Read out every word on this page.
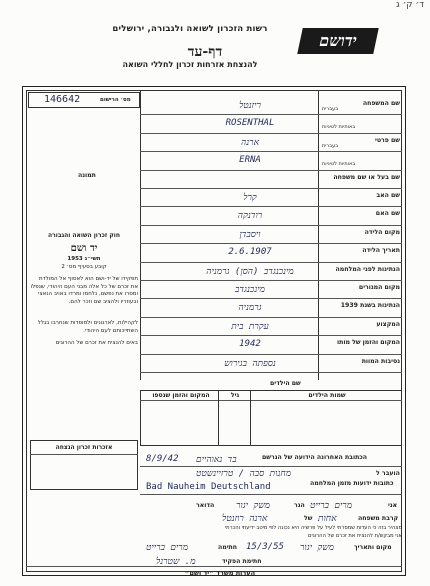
ד׳ ק׳ ג
רשות הזכרון לשואה ולגבורה, ירושלים
ידושם
דף-עד
להנצחת אזרחות זכרון לחללי השואה
146642	מס׳ הרישום
תמונה
שם המשפחה
בעברית
ריזנטל
באותיות לטיניות
ROSENTHAL
שם פרטי
בעברית
ארנה
באותיות לטיניות
ERNA
שם בעל או שם משפחה
שם האב
קרל
שם האם
רודנקה
מקום הלידה
ויסבדן
תאריך הלידה
2.6.1907
הנתינות לפני המלחמה
מינכנגדב (הסן) גרמניה
מקום המגורים
מינכנגדב
הנתינות בשנת 1939
גרמניה
המקצוע
עקרת בית
המקום והזמן של מותו
1942
נסיבות המוות
נספתה בגירוש
חוק זכרון השואה והגבורה
יד ושם
תשי״ג 1953
קובע בסעיף מס׳ 2
תפקידו של יד-ושם הוא לאסוף אל המולדת את זכרם של כל אלה מבני העם היהודי, שנפלו ומסרו את נפשם, נלחמו ומרדו באויב הנאצי ובעוזריו ולהציב שם וזכר להם.
לקהילות, לארגונים ולמוסדות שנחרבו בגלל השתייכותם לעם היהודי.
באים להנציח את זכרם של ההרוגים
שם הילדים
שמות הילדים
גיל
המקום והזמן שנספו
אזכרות זכרון הנצחה
הכתובת האחרונה הידועה של הנרשם
בד נאוהיים
8/9/42
הועבר ל
מחנות סבה / טרזיינשטט
כתובות ידועות מזמן המלחמה
Bad Nauheim Deutschland
אני
מרים ברייט
הגר
משק יגור
הדואר
קרבת משפחה
אחות
של
ארנה רוזנטל
מצהיר בזה כי העדות שמסרתי לעיל על פרשיה היא נכונה לפי מיטב ידיעתי והכרתי
אני מבקש/ת להנציח את זכרם של ההרוגים
מקום ותאריך
משק יגור
15/3/55
חתימה
מרים ברייט
חתימת הפקיד
מ. שטרנל
הערות משרד ״יד ושם״
